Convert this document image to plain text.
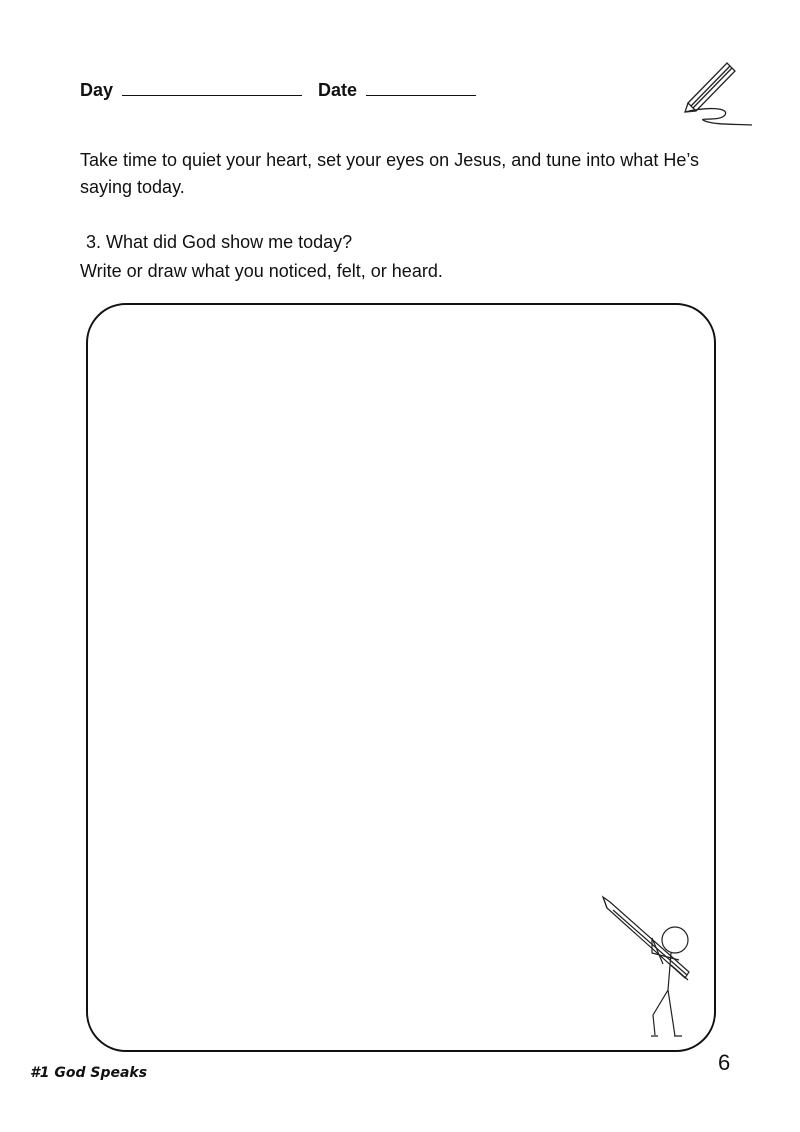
Day	Date
Take time to quiet your heart, set your eyes on Jesus, and tune into what He’s saying today.
3. What did God show me today?
Write or draw what you noticed, felt, or heard.
#1 God Speaks	6
